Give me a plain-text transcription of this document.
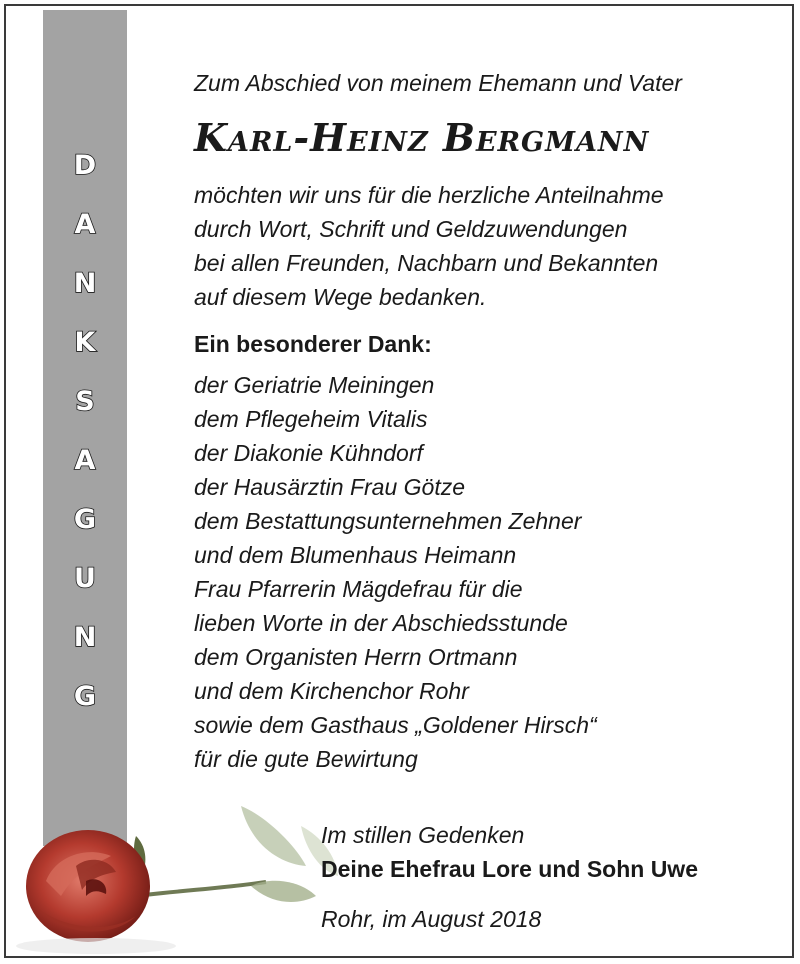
D
A
N
K
S
A
G
U
N
G

Zum Abschied von meinem Ehemann und Vater

Karl-Heinz Bergmann
möchten wir uns für die herzliche Anteilnahme
durch Wort, Schrift und Geldzuwendungen
bei allen Freunden, Nachbarn und Bekannten
auf diesem Wege bedanken.
Ein besonderer Dank:
der Geriatrie Meiningen
dem Pflegeheim Vitalis
der Diakonie Kühndorf
der Hausärztin Frau Götze
dem Bestattungsunternehmen Zehner
und dem Blumenhaus Heimann
Frau Pfarrerin Mägdefrau für die
lieben Worte in der Abschiedsstunde
dem Organisten Herrn Ortmann
und dem Kirchenchor Rohr
sowie dem Gasthaus „Goldener Hirsch“
für die gute Bewirtung
Im stillen Gedenken
Deine Ehefrau Lore und Sohn Uwe
Rohr, im August 2018
